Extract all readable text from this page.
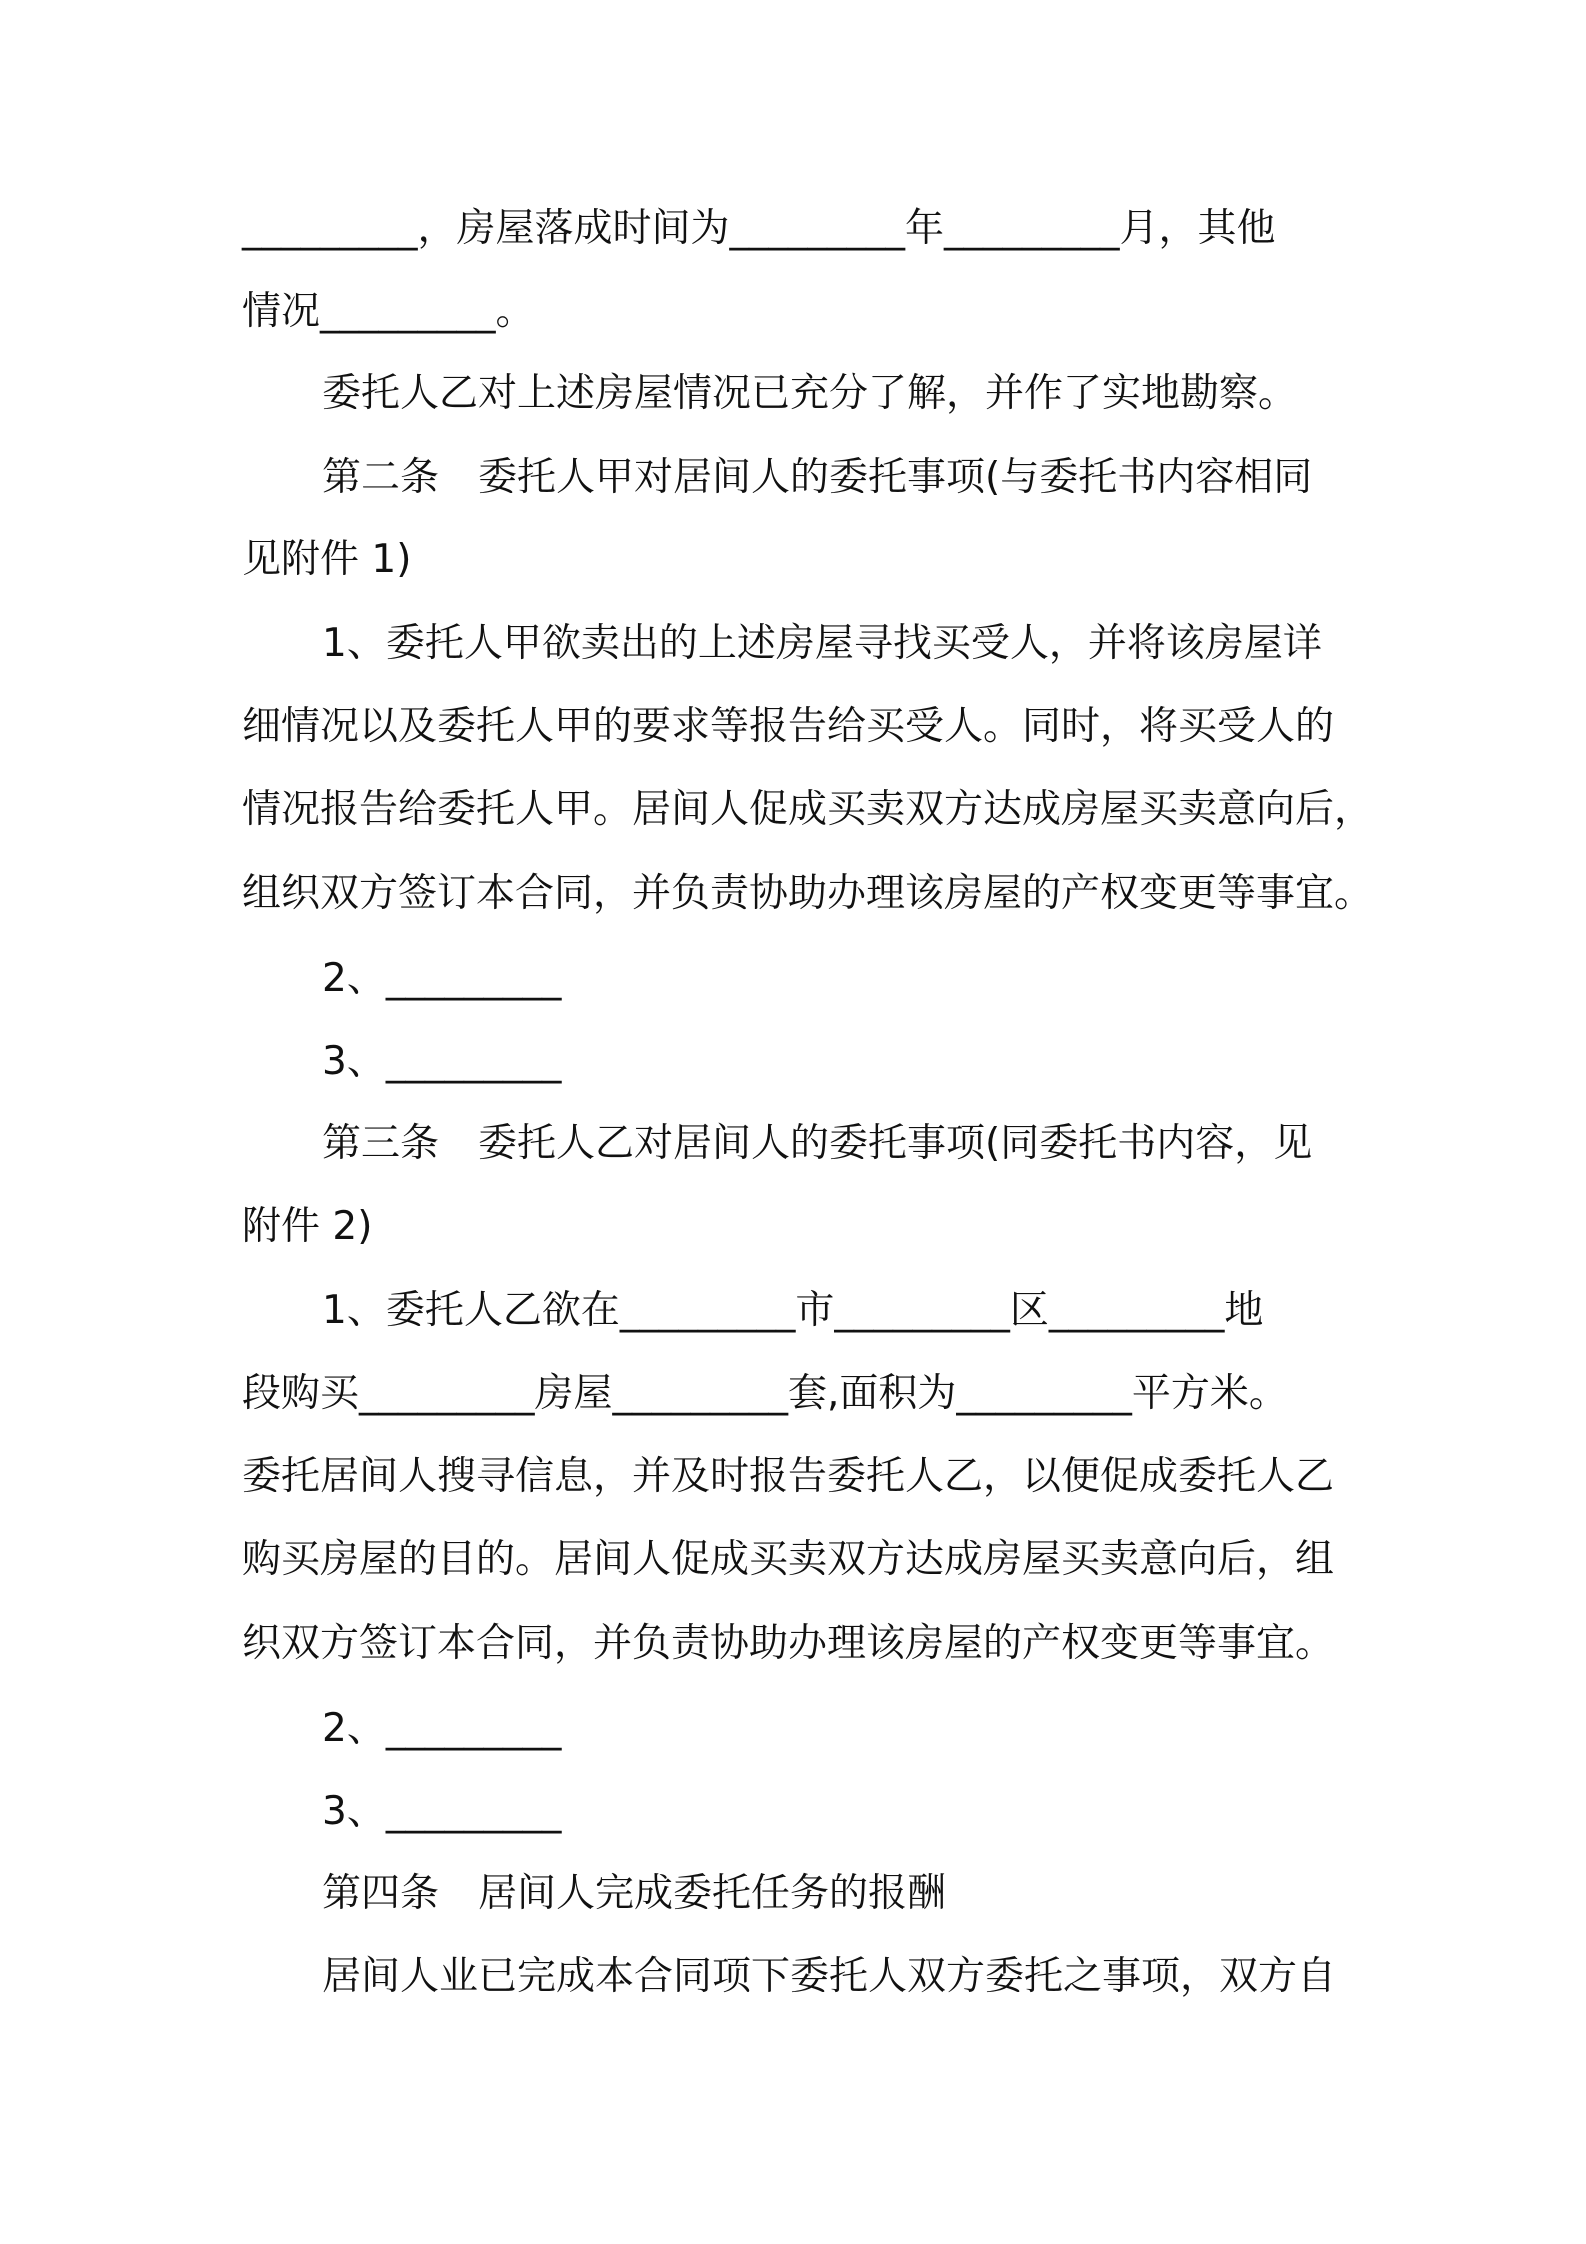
_________，房屋落成时间为_________年_________月，其他
情况_________。
委托人乙对上述房屋情况已充分了解，并作了实地勘察。
第二条　委托人甲对居间人的委托事项(与委托书内容相同
见附件 1)
1、委托人甲欲卖出的上述房屋寻找买受人，并将该房屋详
细情况以及委托人甲的要求等报告给买受人。同时，将买受人的
情况报告给委托人甲。居间人促成买卖双方达成房屋买卖意向后，
组织双方签订本合同，并负责协助办理该房屋的产权变更等事宜。
2、_________
3、_________
第三条　委托人乙对居间人的委托事项(同委托书内容，见
附件 2)
1、委托人乙欲在_________市_________区_________地
段购买_________房屋_________套,面积为_________平方米。
委托居间人搜寻信息，并及时报告委托人乙，以便促成委托人乙
购买房屋的目的。居间人促成买卖双方达成房屋买卖意向后，组
织双方签订本合同，并负责协助办理该房屋的产权变更等事宜。
2、_________
3、_________
第四条　居间人完成委托任务的报酬
居间人业已完成本合同项下委托人双方委托之事项，双方自
